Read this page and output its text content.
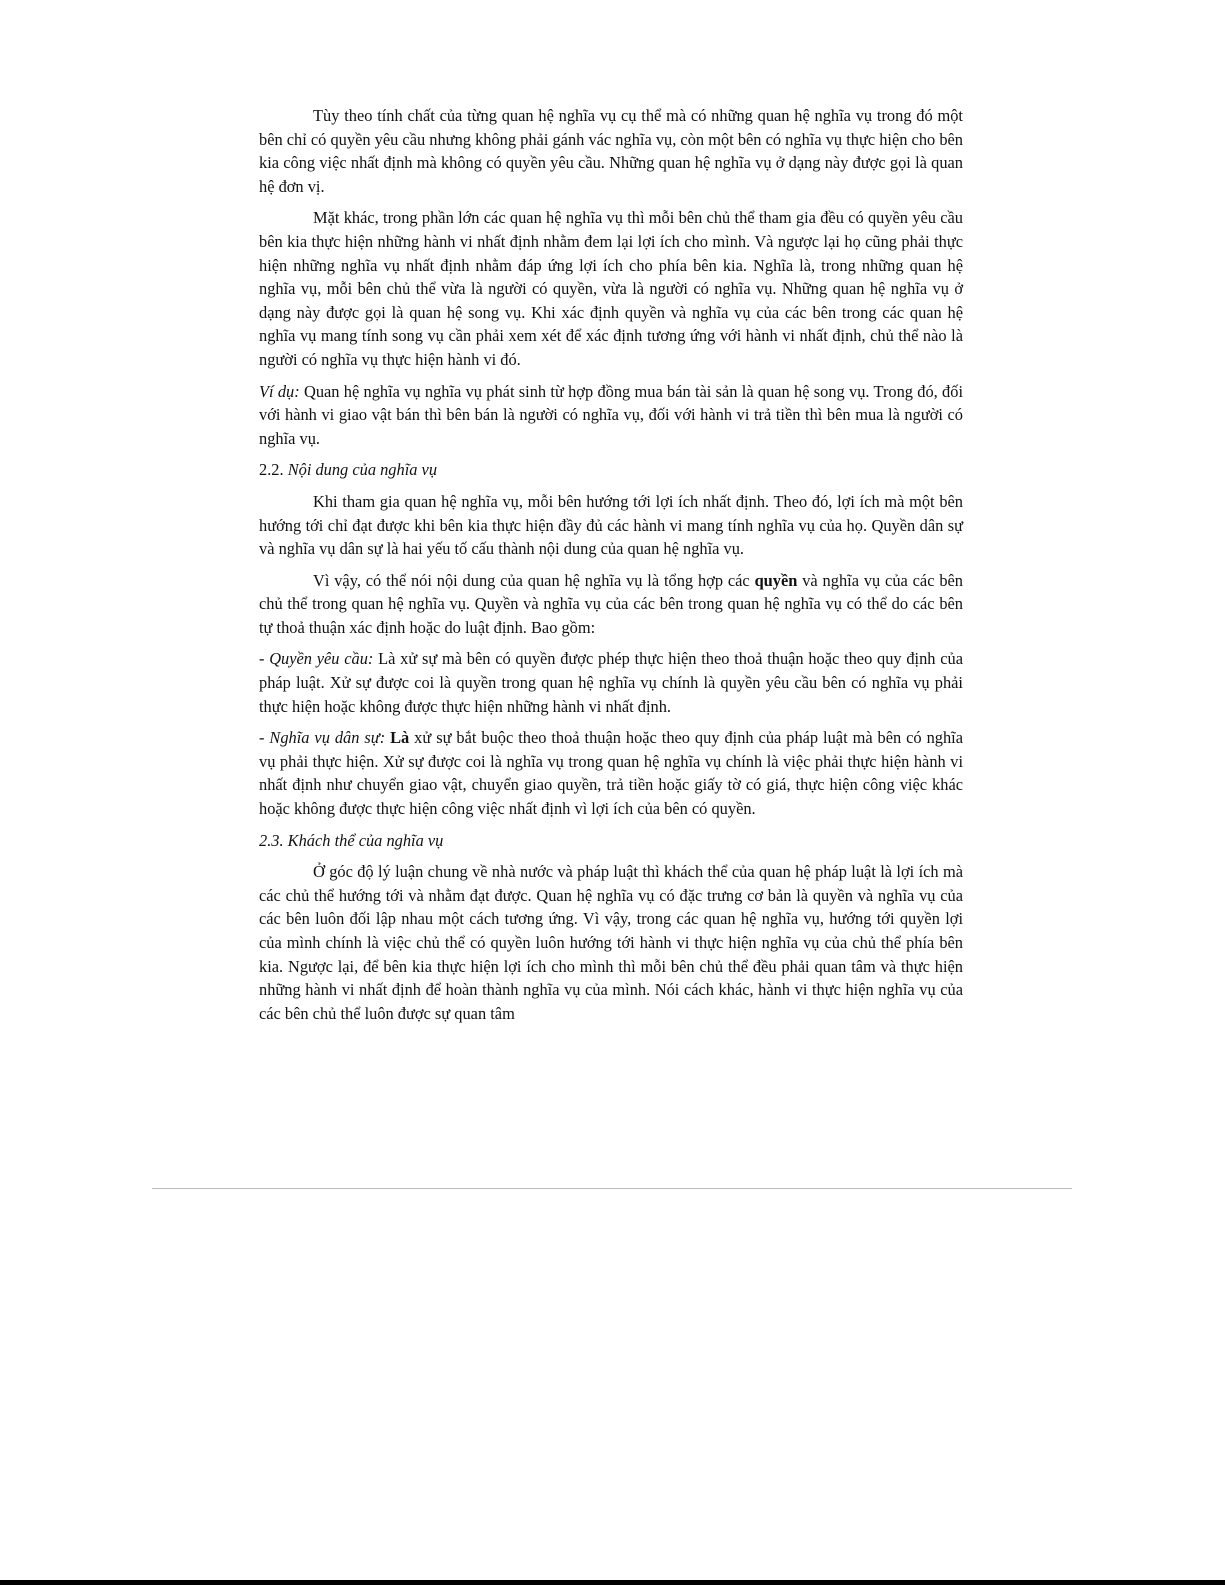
Tùy theo tính chất của từng quan hệ nghĩa vụ cụ thể mà có những quan hệ nghĩa vụ trong đó một bên chỉ có quyền yêu cầu nhưng không phải gánh vác nghĩa vụ, còn một bên có nghĩa vụ thực hiện cho bên kia công việc nhất định mà không có quyền yêu cầu. Những quan hệ nghĩa vụ ở dạng này được gọi là quan hệ đơn vị.

Mặt khác, trong phần lớn các quan hệ nghĩa vụ thì mỗi bên chủ thể tham gia đều có quyền yêu cầu bên kia thực hiện những hành vi nhất định nhằm đem lại lợi ích cho mình. Và ngược lại họ cũng phải thực hiện những nghĩa vụ nhất định nhằm đáp ứng lợi ích cho phía bên kia. Nghĩa là, trong những quan hệ nghĩa vụ, mỗi bên chủ thể vừa là người có quyền, vừa là người có nghĩa vụ. Những quan hệ nghĩa vụ ở dạng này được gọi là quan hệ song vụ. Khi xác định quyền và nghĩa vụ của các bên trong các quan hệ nghĩa vụ mang tính song vụ cần phải xem xét để xác định tương ứng với hành vi nhất định, chủ thể nào là người có nghĩa vụ thực hiện hành vi đó.

Ví dụ: Quan hệ nghĩa vụ nghĩa vụ phát sinh từ hợp đồng mua bán tài sản là quan hệ song vụ. Trong đó, đối với hành vi giao vật bán thì bên bán là người có nghĩa vụ, đối với hành vi trả tiền thì bên mua là người có nghĩa vụ.

2.2. Nội dung của nghĩa vụ

Khi tham gia quan hệ nghĩa vụ, mỗi bên hướng tới lợi ích nhất định. Theo đó, lợi ích mà một bên hướng tới chỉ đạt được khi bên kia thực hiện đầy đủ các hành vi mang tính nghĩa vụ của họ. Quyền dân sự và nghĩa vụ dân sự là hai yếu tố cấu thành nội dung của quan hệ nghĩa vụ.

Vì vậy, có thể nói nội dung của quan hệ nghĩa vụ là tổng hợp các quyền và nghĩa vụ của các bên chủ thể trong quan hệ nghĩa vụ. Quyền và nghĩa vụ của các bên trong quan hệ nghĩa vụ có thể do các bên tự thoả thuận xác định hoặc do luật định. Bao gồm:

- Quyền yêu cầu: Là xử sự mà bên có quyền được phép thực hiện theo thoả thuận hoặc theo quy định của pháp luật. Xử sự được coi là quyền trong quan hệ nghĩa vụ chính là quyền yêu cầu bên có nghĩa vụ phải thực hiện hoặc không được thực hiện những hành vi nhất định.

- Nghĩa vụ dân sự: Là xử sự bắt buộc theo thoả thuận hoặc theo quy định của pháp luật mà bên có nghĩa vụ phải thực hiện. Xử sự được coi là nghĩa vụ trong quan hệ nghĩa vụ chính là việc phải thực hiện hành vi nhất định như chuyển giao vật, chuyển giao quyền, trả tiền hoặc giấy tờ có giá, thực hiện công việc khác hoặc không được thực hiện công việc nhất định vì lợi ích của bên có quyền.

2.3. Khách thể của nghĩa vụ

Ở góc độ lý luận chung về nhà nước và pháp luật thì khách thể của quan hệ pháp luật là lợi ích mà các chủ thể hướng tới và nhằm đạt được. Quan hệ nghĩa vụ có đặc trưng cơ bản là quyền và nghĩa vụ của các bên luôn đối lập nhau một cách tương ứng. Vì vậy, trong các quan hệ nghĩa vụ, hướng tới quyền lợi của mình chính là việc chủ thể có quyền luôn hướng tới hành vi thực hiện nghĩa vụ của chủ thể phía bên kia. Ngược lại, để bên kia thực hiện lợi ích cho mình thì mỗi bên chủ thể đều phải quan tâm và thực hiện những hành vi nhất định để hoàn thành nghĩa vụ của mình. Nói cách khác, hành vi thực hiện nghĩa vụ của các bên chủ thể luôn được sự quan tâm
